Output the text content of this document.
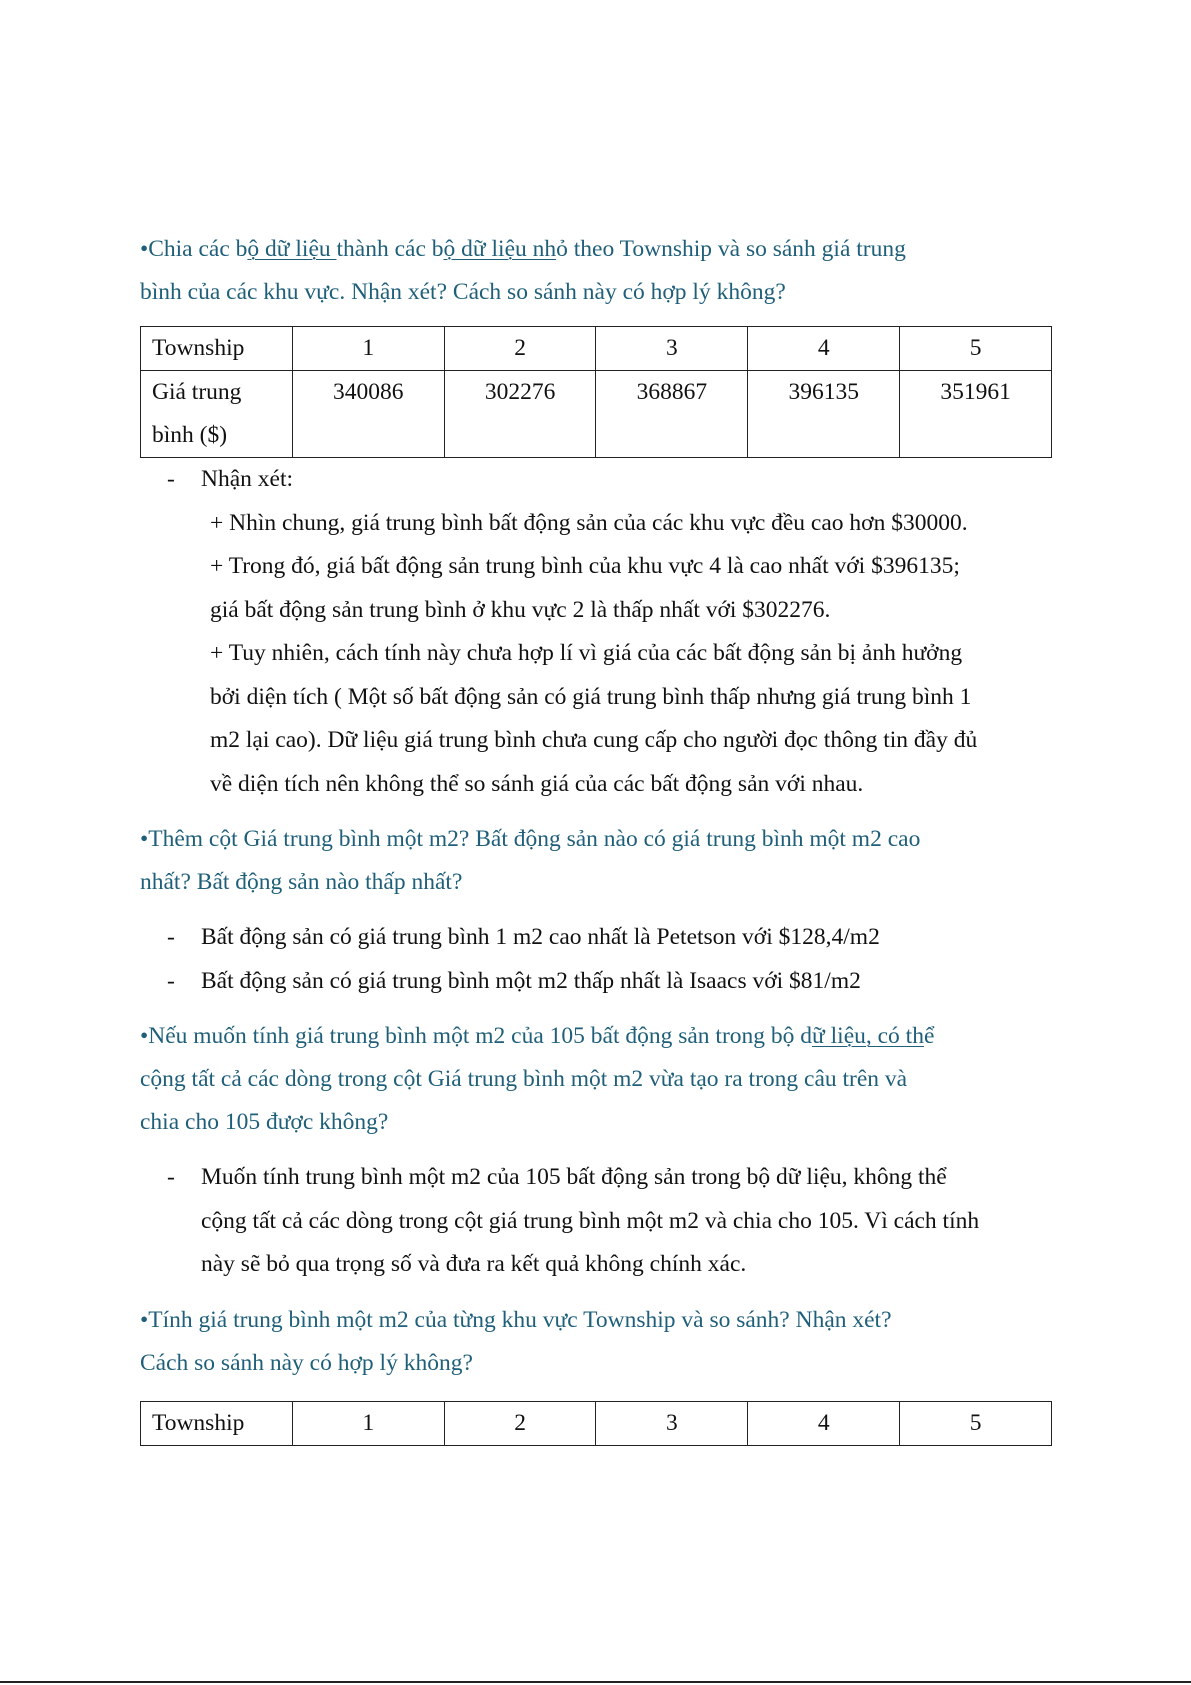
•Chia các bộ dữ liệu thành các bộ dữ liệu nhỏ theo Township và so sánh giá trung
bình của các khu vực. Nhận xét? Cách so sánh này có hợp lý không?

Township	1	2	3	4	5

Giá trung
bình ($)	340086	302276	368867	396135	351961
- Nhận xét:
+ Nhìn chung, giá trung bình bất động sản của các khu vực đều cao hơn $30000.
+ Trong đó, giá bất động sản trung bình của khu vực 4 là cao nhất với $396135;
giá bất động sản trung bình ở khu vực 2 là thấp nhất với $302276.
+ Tuy nhiên, cách tính này chưa hợp lí vì giá của các bất động sản bị ảnh hưởng
bởi diện tích ( Một số bất động sản có giá trung bình thấp nhưng giá trung bình 1
m2 lại cao). Dữ liệu giá trung bình chưa cung cấp cho người đọc thông tin đầy đủ
về diện tích nên không thể so sánh giá của các bất động sản với nhau.

•Thêm cột Giá trung bình một m2? Bất động sản nào có giá trung bình một m2 cao
nhất? Bất động sản nào thấp nhất?

- Bất động sản có giá trung bình 1 m2 cao nhất là Petetson với $128,4/m2
- Bất động sản có giá trung bình một m2 thấp nhất là Isaacs với $81/m2

•Nếu muốn tính giá trung bình một m2 của 105 bất động sản trong bộ dữ liệu, có thể
cộng tất cả các dòng trong cột Giá trung bình một m2 vừa tạo ra trong câu trên và
chia cho 105 được không?

- Muốn tính trung bình một m2 của 105 bất động sản trong bộ dữ liệu, không thể
cộng tất cả các dòng trong cột giá trung bình một m2 và chia cho 105. Vì cách tính
này sẽ bỏ qua trọng số và đưa ra kết quả không chính xác.

•Tính giá trung bình một m2 của từng khu vực Township và so sánh? Nhận xét?
Cách so sánh này có hợp lý không?

Township	1	2	3	4	5
